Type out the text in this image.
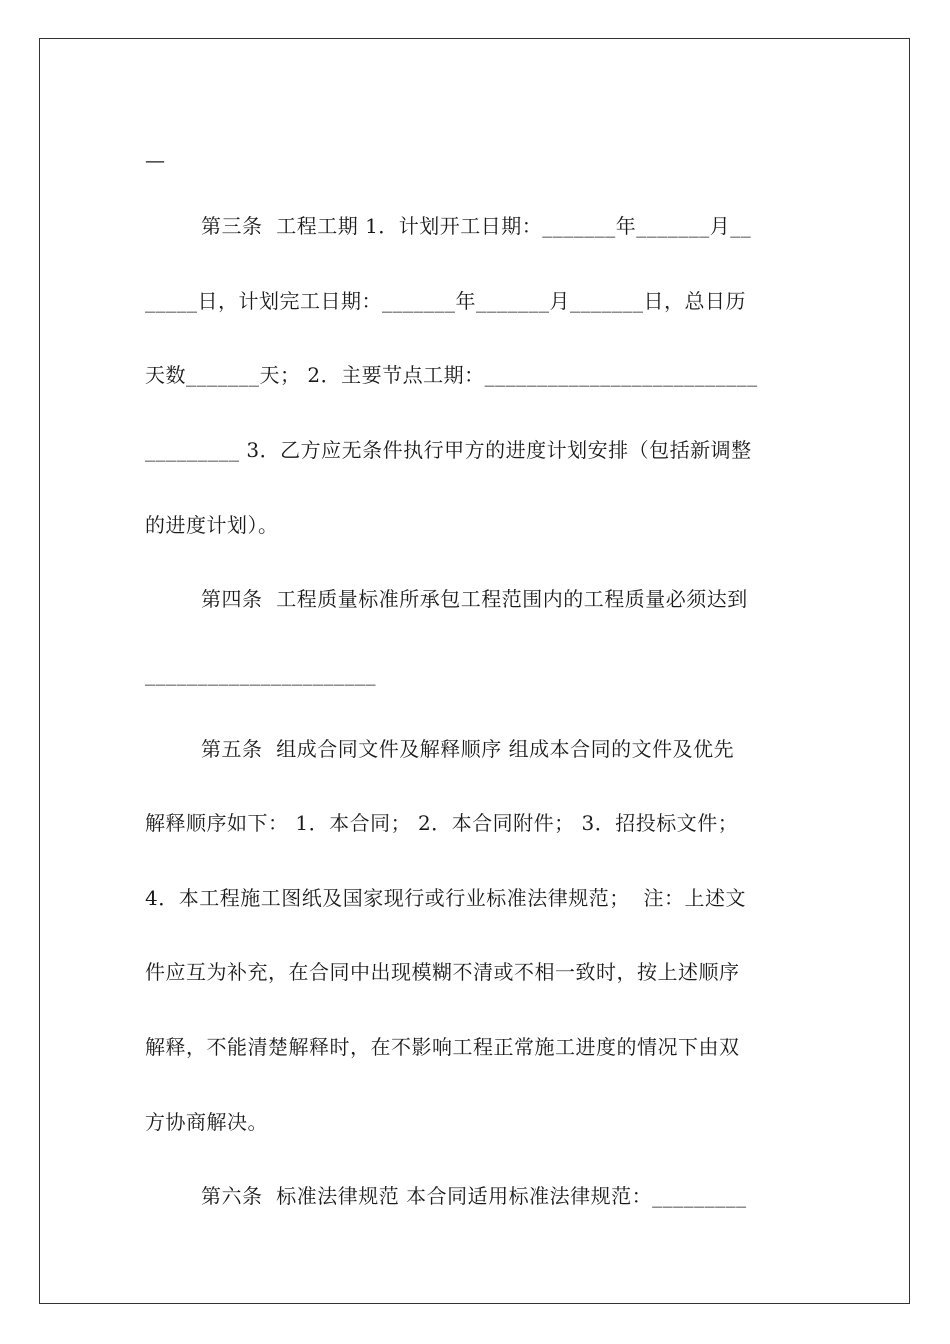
—
第三条  工程工期 1．计划开工日期：_______年_______月__
_____日，计划完工日期：_______年_______月_______日，总日历
天数_______天； 2．主要节点工期：__________________________
_________ 3．乙方应无条件执行甲方的进度计划安排（包括新调整
的进度计划）。
第四条  工程质量标准所承包工程范围内的工程质量必须达到
______________________
第五条  组成合同文件及解释顺序 组成本合同的文件及优先
解释顺序如下： 1．本合同； 2．本合同附件； 3．招投标文件；
4．本工程施工图纸及国家现行或行业标准法律规范；  注：上述文
件应互为补充，在合同中出现模糊不清或不相一致时，按上述顺序
解释，不能清楚解释时，在不影响工程正常施工进度的情况下由双
方协商解决。
第六条  标准法律规范 本合同适用标准法律规范：_________
